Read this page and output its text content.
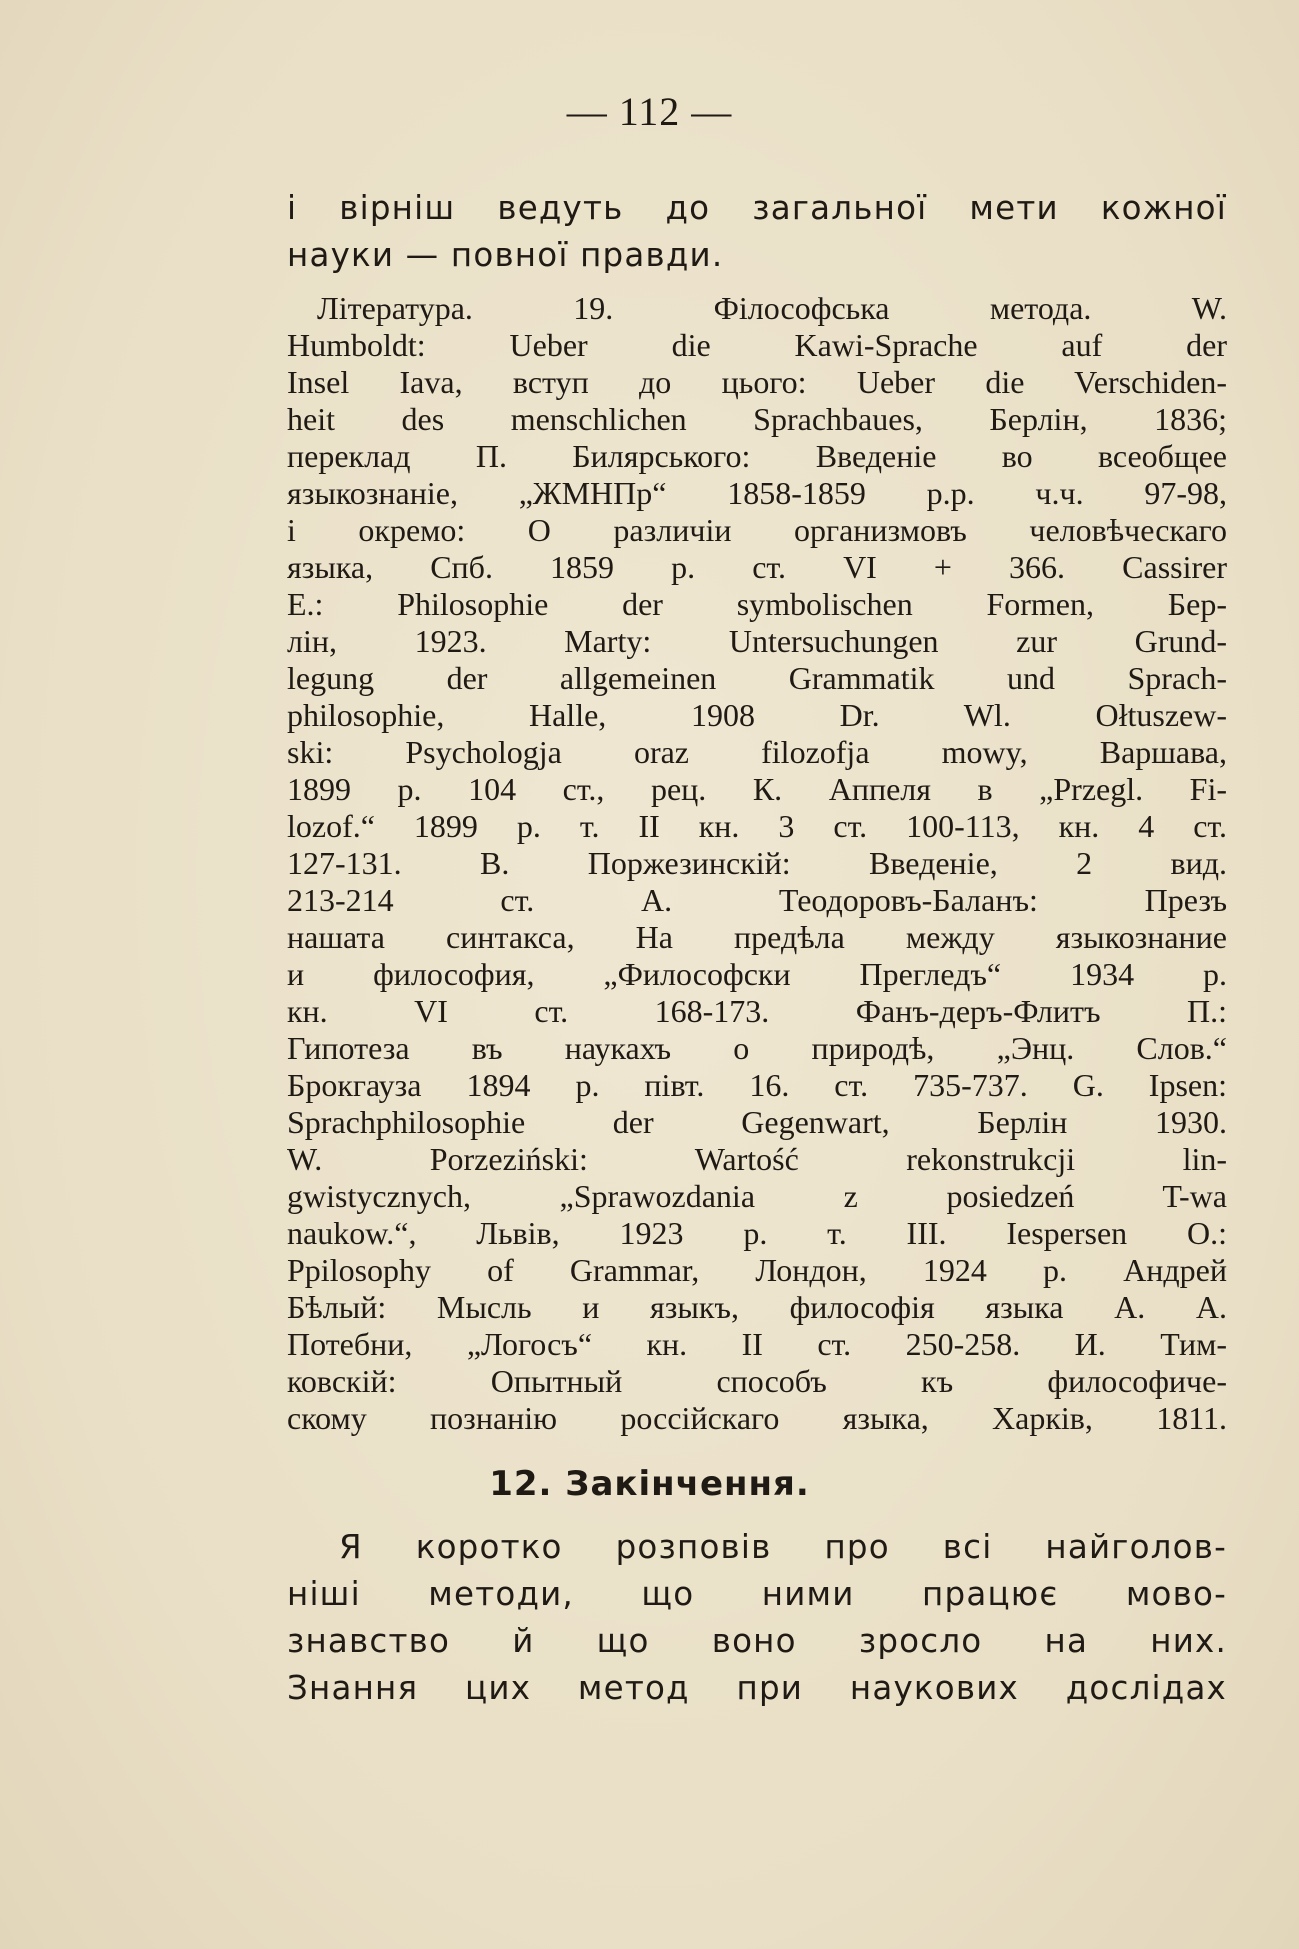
— 112 —
і вірніш ведуть до загальної мети кожної
науки — повної правди.
Література. 19. Філософська метода. W.
Humboldt: Ueber die Kawi-Sprache auf der
Insel Iava, вступ до цього: Ueber die Verschiden-
heit des menschlichen Sprachbaues, Берлін, 1836;
переклад П. Билярського: Введеніе во всеобщее
языкознаніе, „ЖМНПр“ 1858-1859 р.р. ч.ч. 97-98,
і окремо: О различіи организмовъ человѣческаго
языка, Спб. 1859 р. ст. VI + 366. Cassirer
E.: Philosophie der symbolischen Formen, Бер-
лін, 1923. Marty: Untersuchungen zur Grund-
legung der allgemeinen Grammatik und Sprach-
philosophie, Halle, 1908 Dr. Wl. Ołtuszew-
ski: Psychologja oraz filozofja mowy, Варшава,
1899 р. 104 ст., рец. К. Аппеля в „Przegl. Fi-
lozof.“ 1899 р. т. II кн. 3 ст. 100-113, кн. 4 ст.
127-131. В. Поржезинскій: Введеніе, 2 вид.
213-214 ст. А. Теодоровъ-Баланъ: Презъ
нашата синтакса, На предѣла между языкознание
и философия, „Философски Прегледъ“ 1934 р.
кн. VI ст. 168-173. Фанъ-деръ-Флитъ П.:
Гипотеза въ наукахъ о природѣ, „Энц. Слов.“
Брокгауза 1894 р. півт. 16. ст. 735-737. G. Ipsen:
Sprachphilosophie der Gegenwart, Берлін 1930.
W. Porzeziński: Wartość rekonstrukcji lin-
gwistycznych, „Sprawozdania z posiedzeń T-wa
naukow.“, Львів, 1923 р. т. III. Iespersen O.:
Ppilosophy of Grammar, Лондон, 1924 р. Андрей
Бѣлый: Мысль и языкъ, философія языка А. А.
Потебни, „Логосъ“ кн. II ст. 250-258. И. Тим-
ковскій: Опытный способъ къ философиче-
скому познанію россійскаго языка, Харків, 1811.
12. Закінчення.
Я коротко розповів про всі найголов-
ніші методи, що ними працює мово-
знавство й що воно зросло на них.
Знання цих метод при наукових дослідах
